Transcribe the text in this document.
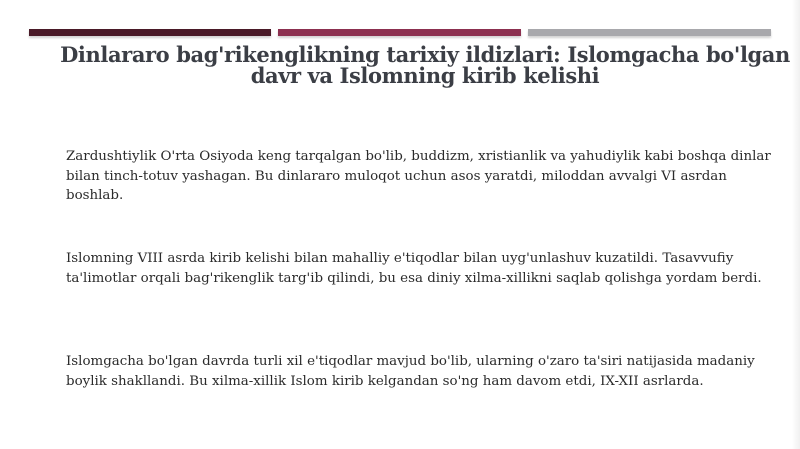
Dinlararo bag'rikenglikning tarixiy ildizlari: Islomgacha bo'lgan davr va Islomning kirib kelishi

Zardushtiylik O'rta Osiyoda keng tarqalgan bo'lib, buddizm, xristianlik va yahudiylik kabi boshqa dinlar bilan tinch-totuv yashagan. Bu dinlararo muloqot uchun asos yaratdi, miloddan avvalgi VI asrdan boshlab.

Islomning VIII asrda kirib kelishi bilan mahalliy e'tiqodlar bilan uyg'unlashuv kuzatildi. Tasavvufiy ta'limotlar orqali bag'rikenglik targ'ib qilindi, bu esa diniy xilma-xillikni saqlab qolishga yordam berdi.

Islomgacha bo'lgan davrda turli xil e'tiqodlar mavjud bo'lib, ularning o'zaro ta'siri natijasida madaniy boylik shakllandi. Bu xilma-xillik Islom kirib kelgandan so'ng ham davom etdi, IX-XII asrlarda.
